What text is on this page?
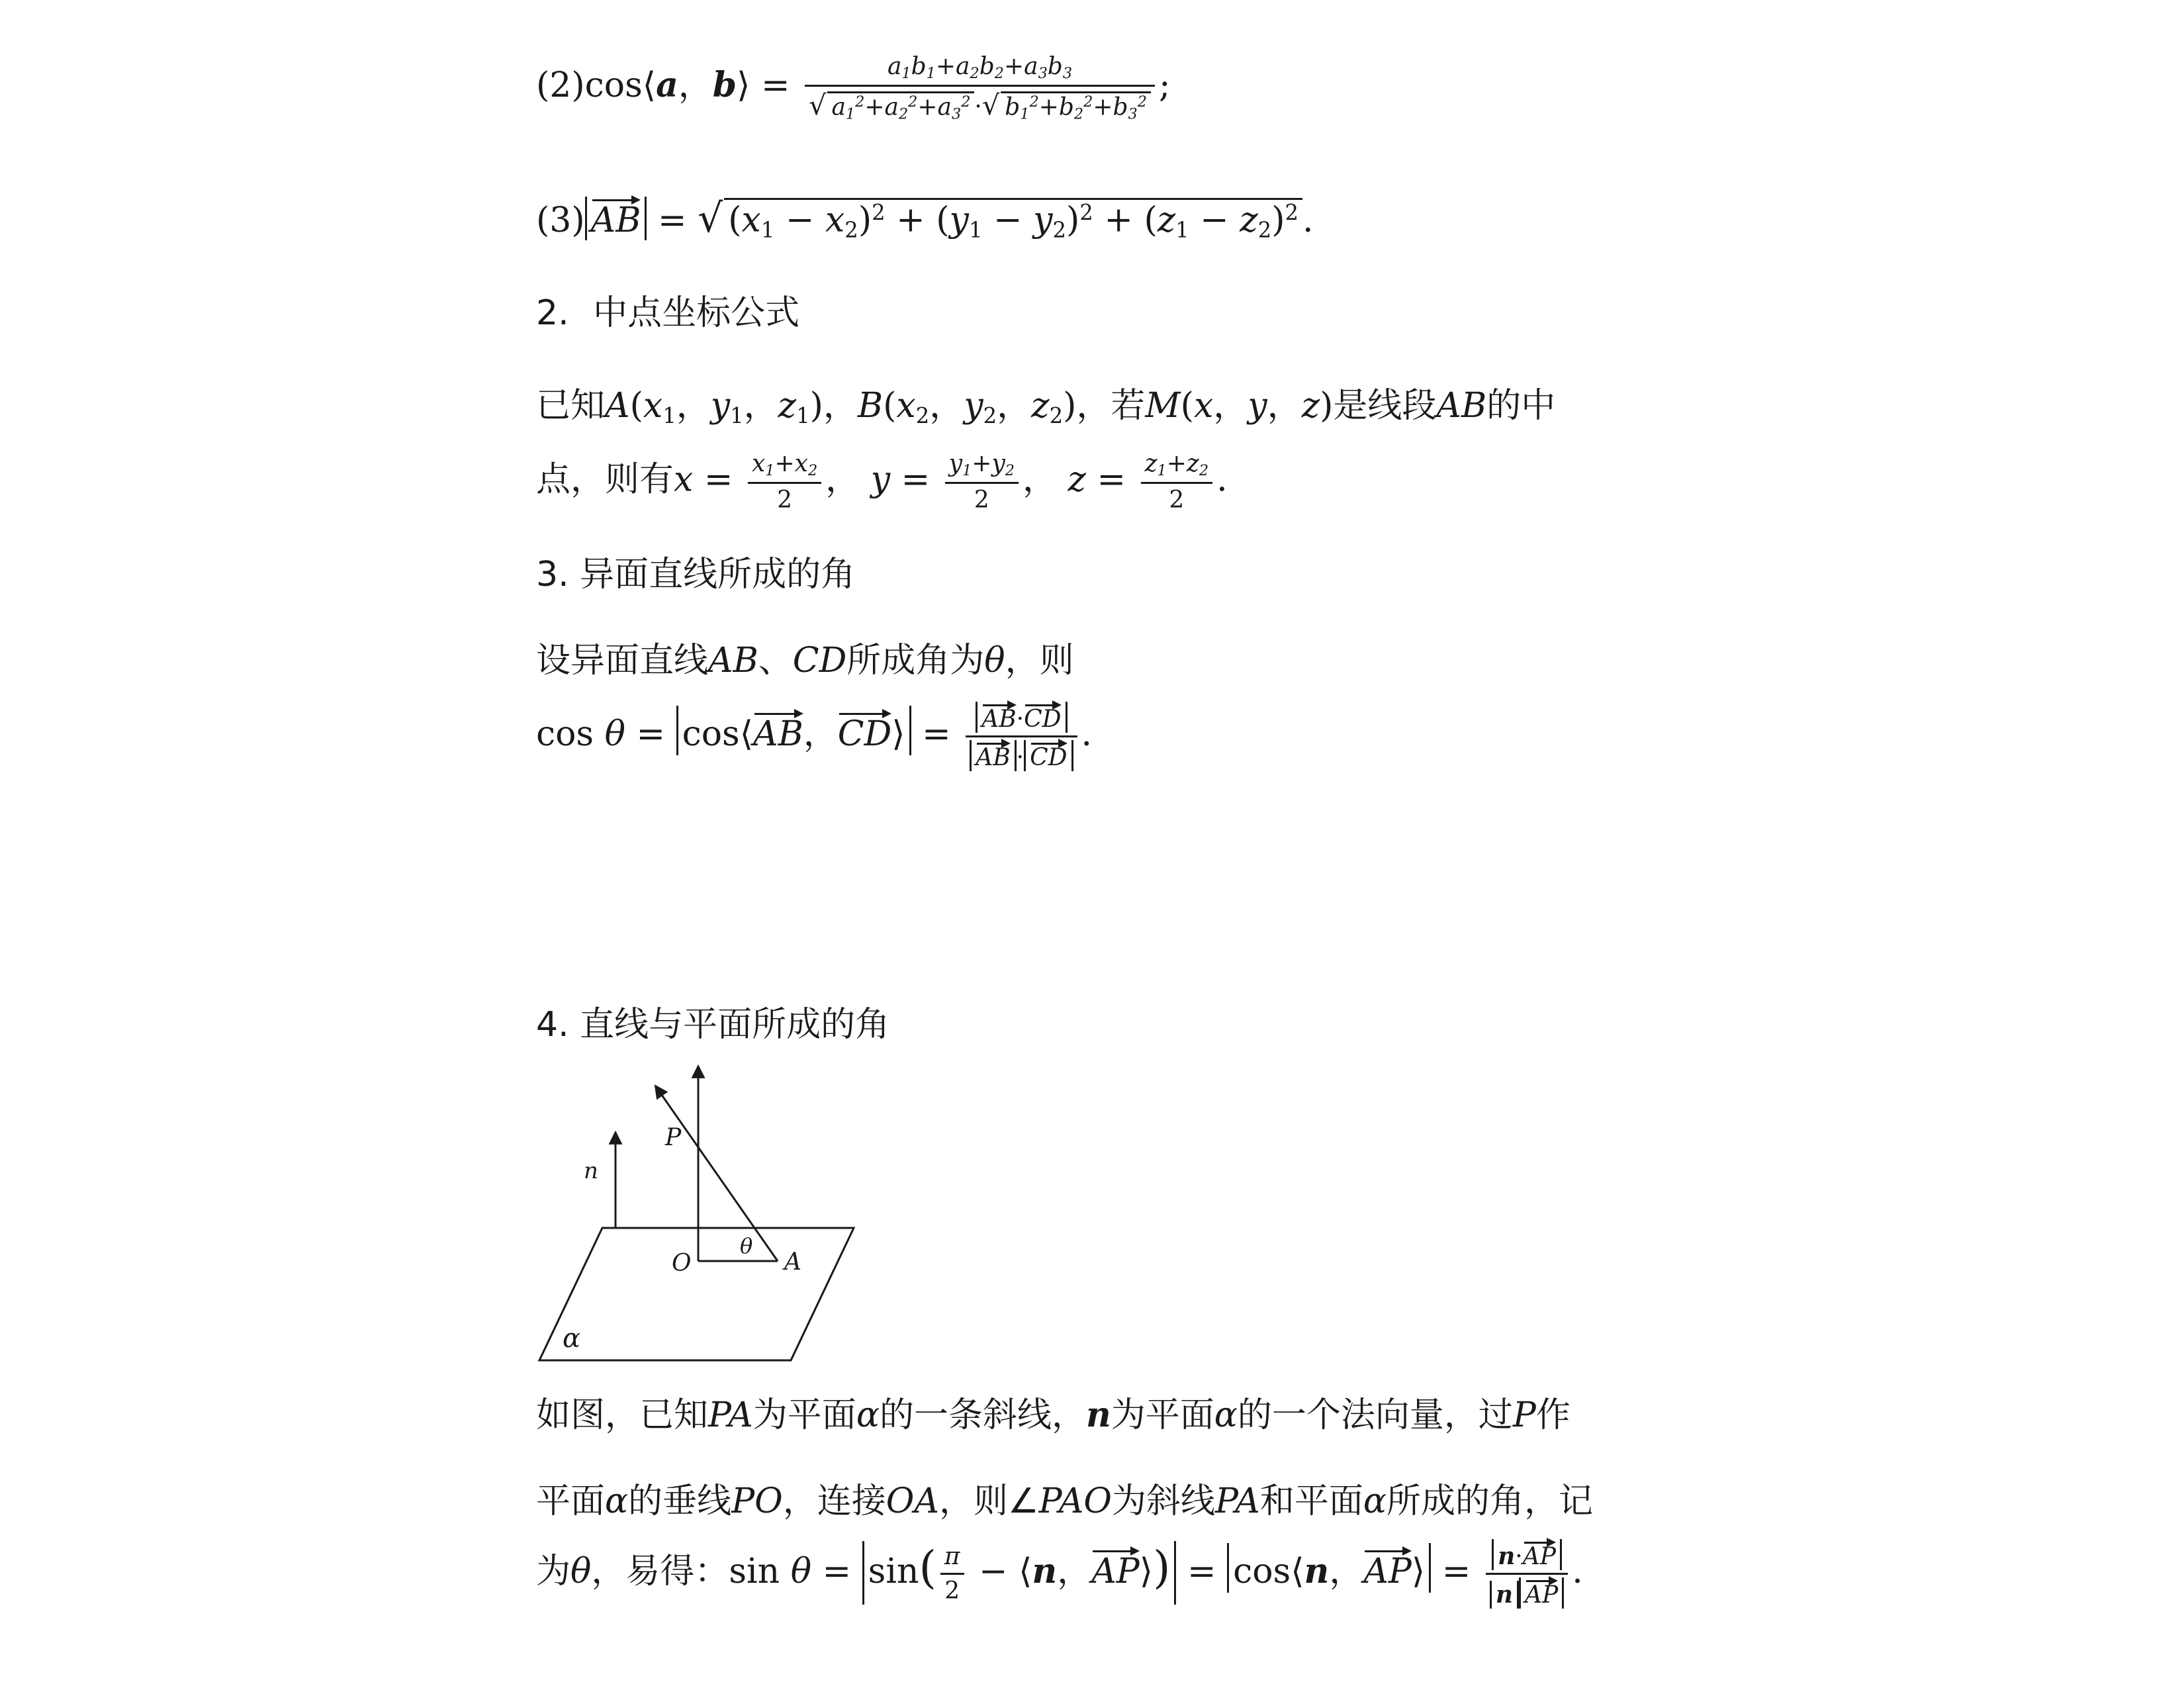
(2)cos⟨a，b⟩ = $\frac{a_1b_1+a_2b_2+a_3b_3}{√ a_1^2+a_2^2+a_3^2 \cdot√ b_1^2+b_2^2+b_3^2}$ ;
(3) AB = √ $(x_1 - x_2)^2 + (y_1 - y_2)^2 + (z_1 - z_2)^2$ .
2. 中点坐标公式
已知$A(x_1$，$y_1$，$z_1$)，$B(x_2$，$y_2$，$z_2$)，若M(x，y，z)是线段AB的中
点，则有$x = \frac{x_1+x_2}{2}$ ， $y = \frac{y_1+y_2}{2}$ ， $z = \frac{z_1+z_2}{2}$ .
3. 异面直线所成的角
设异面直线AB、CD所成角为θ，则
cos θ = cos⟨AB，CD⟩ = $\frac{AB\cdot CD}{AB \cdot CD}$ .
4. 直线与平面所成的角
n
P
O	A
θ
α
如图，已知PA为平面α的一条斜线，n为平面α的一个法向量，过P作
平面α的垂线PO，连接OA，则∠PAO为斜线PA和平面α所成的角，记
为θ，易得：$\sin \theta = \sin( \frac{\pi}{2}$ − ⟨n，AP⟩) = cos⟨n，AP⟩ = $\frac{n\cdot AP}{\text{n AP}}$ .
